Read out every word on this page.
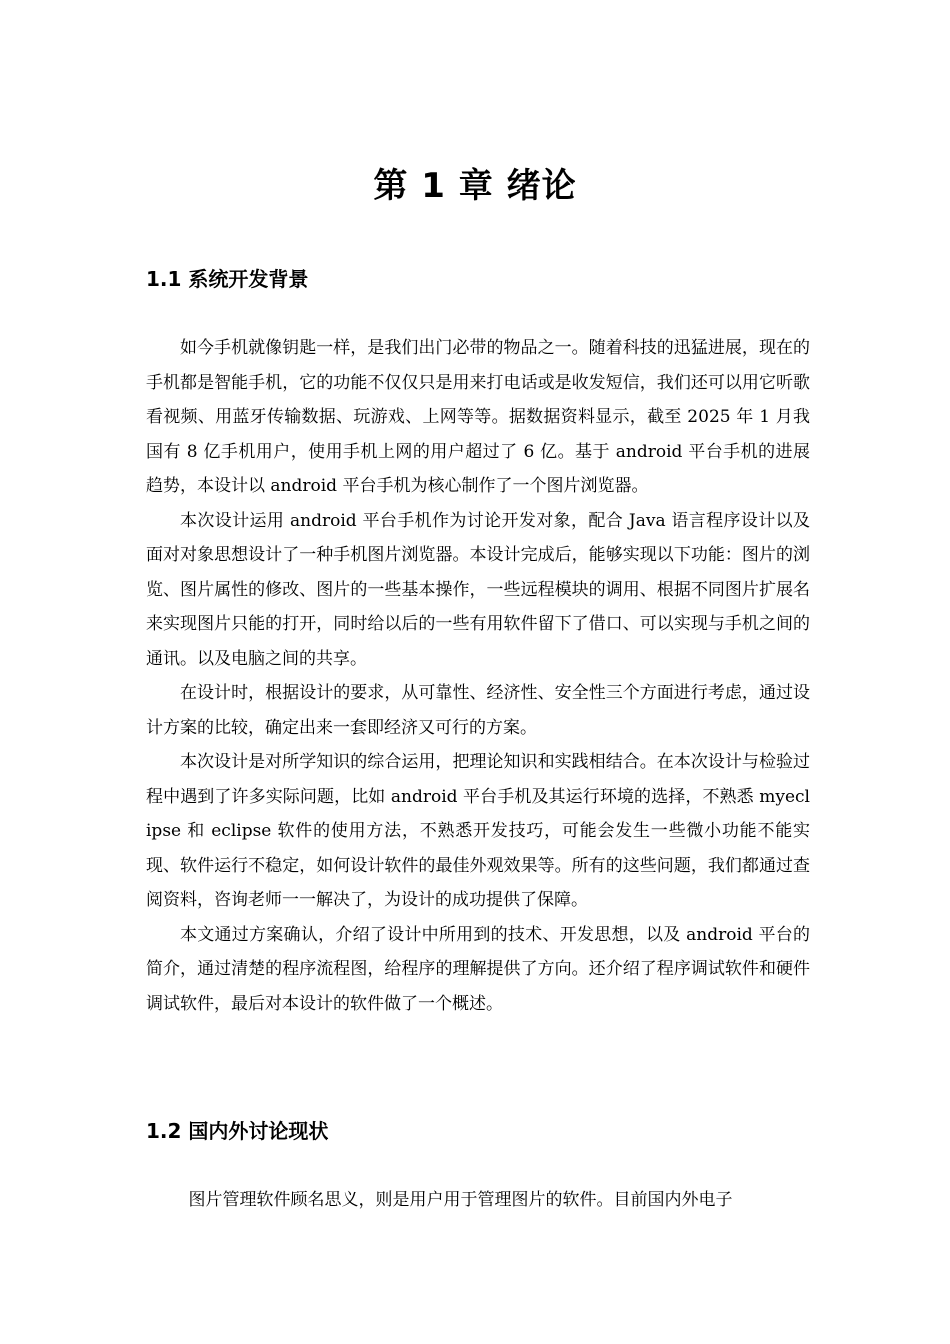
第 1 章 绪论
1.1 系统开发背景

如今手机就像钥匙一样，是我们出门必带的物品之一。随着科技的迅猛进展，现在的手机都是智能手机，它的功能不仅仅只是用来打电话或是收发短信，我们还可以用它听歌看视频、用蓝牙传输数据、玩游戏、上网等等。据数据资料显示，截至 2025 年 1 月我国有 8 亿手机用户，使用手机上网的用户超过了 6 亿。基于 android 平台手机的进展趋势，本设计以 android 平台手机为核心制作了一个图片浏览器。

本次设计运用 android 平台手机作为讨论开发对象，配合 Java 语言程序设计以及面对对象思想设计了一种手机图片浏览器。本设计完成后，能够实现以下功能：图片的浏览、图片属性的修改、图片的一些基本操作，一些远程模块的调用、根据不同图片扩展名来实现图片只能的打开，同时给以后的一些有用软件留下了借口、可以实现与手机之间的通讯。以及电脑之间的共享。

在设计时，根据设计的要求，从可靠性、经济性、安全性三个方面进行考虑，通过设计方案的比较，确定出来一套即经济又可行的方案。

本次设计是对所学知识的综合运用，把理论知识和实践相结合。在本次设计与检验过程中遇到了许多实际问题，比如 android 平台手机及其运行环境的选择，不熟悉 myeclipse 和 eclipse 软件的使用方法，不熟悉开发技巧，可能会发生一些微小功能不能实现、软件运行不稳定，如何设计软件的最佳外观效果等。所有的这些问题，我们都通过查阅资料，咨询老师一一解决了，为设计的成功提供了保障。

本文通过方案确认，介绍了设计中所用到的技术、开发思想，以及 android 平台的简介，通过清楚的程序流程图，给程序的理解提供了方向。还介绍了程序调试软件和硬件调试软件，最后对本设计的软件做了一个概述。

1.2 国内外讨论现状

图片管理软件顾名思义，则是用户用于管理图片的软件。目前国内外电子
